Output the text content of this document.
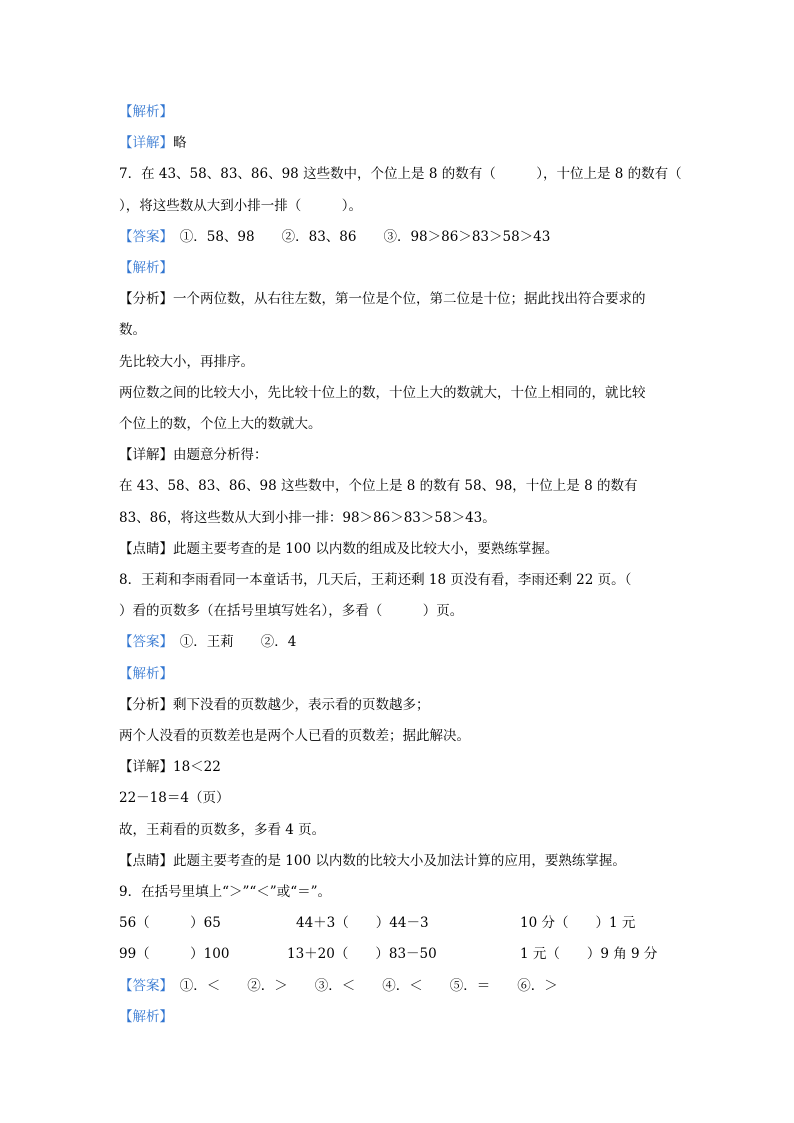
【解析】
【详解】略
7．在 43、58、83、86、98 这些数中，个位上是 8 的数有（　　　），十位上是 8 的数有（
），将这些数从大到小排一排（　　　）。
【答案】　①．58、98　　②．83、86　　③．98＞86＞83＞58＞43
【解析】
【分析】一个两位数，从右往左数，第一位是个位，第二位是十位；据此找出符合要求的
数。
先比较大小，再排序。
两位数之间的比较大小，先比较十位上的数，十位上大的数就大，十位上相同的，就比较
个位上的数，个位上大的数就大。
【详解】由题意分析得：
在 43、58、83、86、98 这些数中，个位上是 8 的数有 58、98，十位上是 8 的数有
83、86，将这些数从大到小排一排：98＞86＞83＞58＞43。
【点睛】此题主要考查的是 100 以内数的组成及比较大小，要熟练掌握。
8．王莉和李雨看同一本童话书，几天后，王莉还剩 18 页没有看，李雨还剩 22 页。（
）看的页数多（在括号里填写姓名），多看（　　　）页。
【答案】　①．王莉　　②．4
【解析】
【分析】剩下没看的页数越少，表示看的页数越多；
两个人没看的页数差也是两个人已看的页数差；据此解决。
【详解】18＜22
22－18＝4（页）
故，王莉看的页数多，多看 4 页。
【点睛】此题主要考查的是 100 以内数的比较大小及加法计算的应用，要熟练掌握。
9．在括号里填上“＞”“＜”或“＝”。
56（　　　）65	44＋3（　　）44－3	10 分（　　）1 元
99（　　　）100	13＋20（　　）83－50	1 元（　　）9 角 9 分
【答案】　①．＜　　②．＞　　③．＜　　④．＜　　⑤．＝　　⑥．＞
【解析】
